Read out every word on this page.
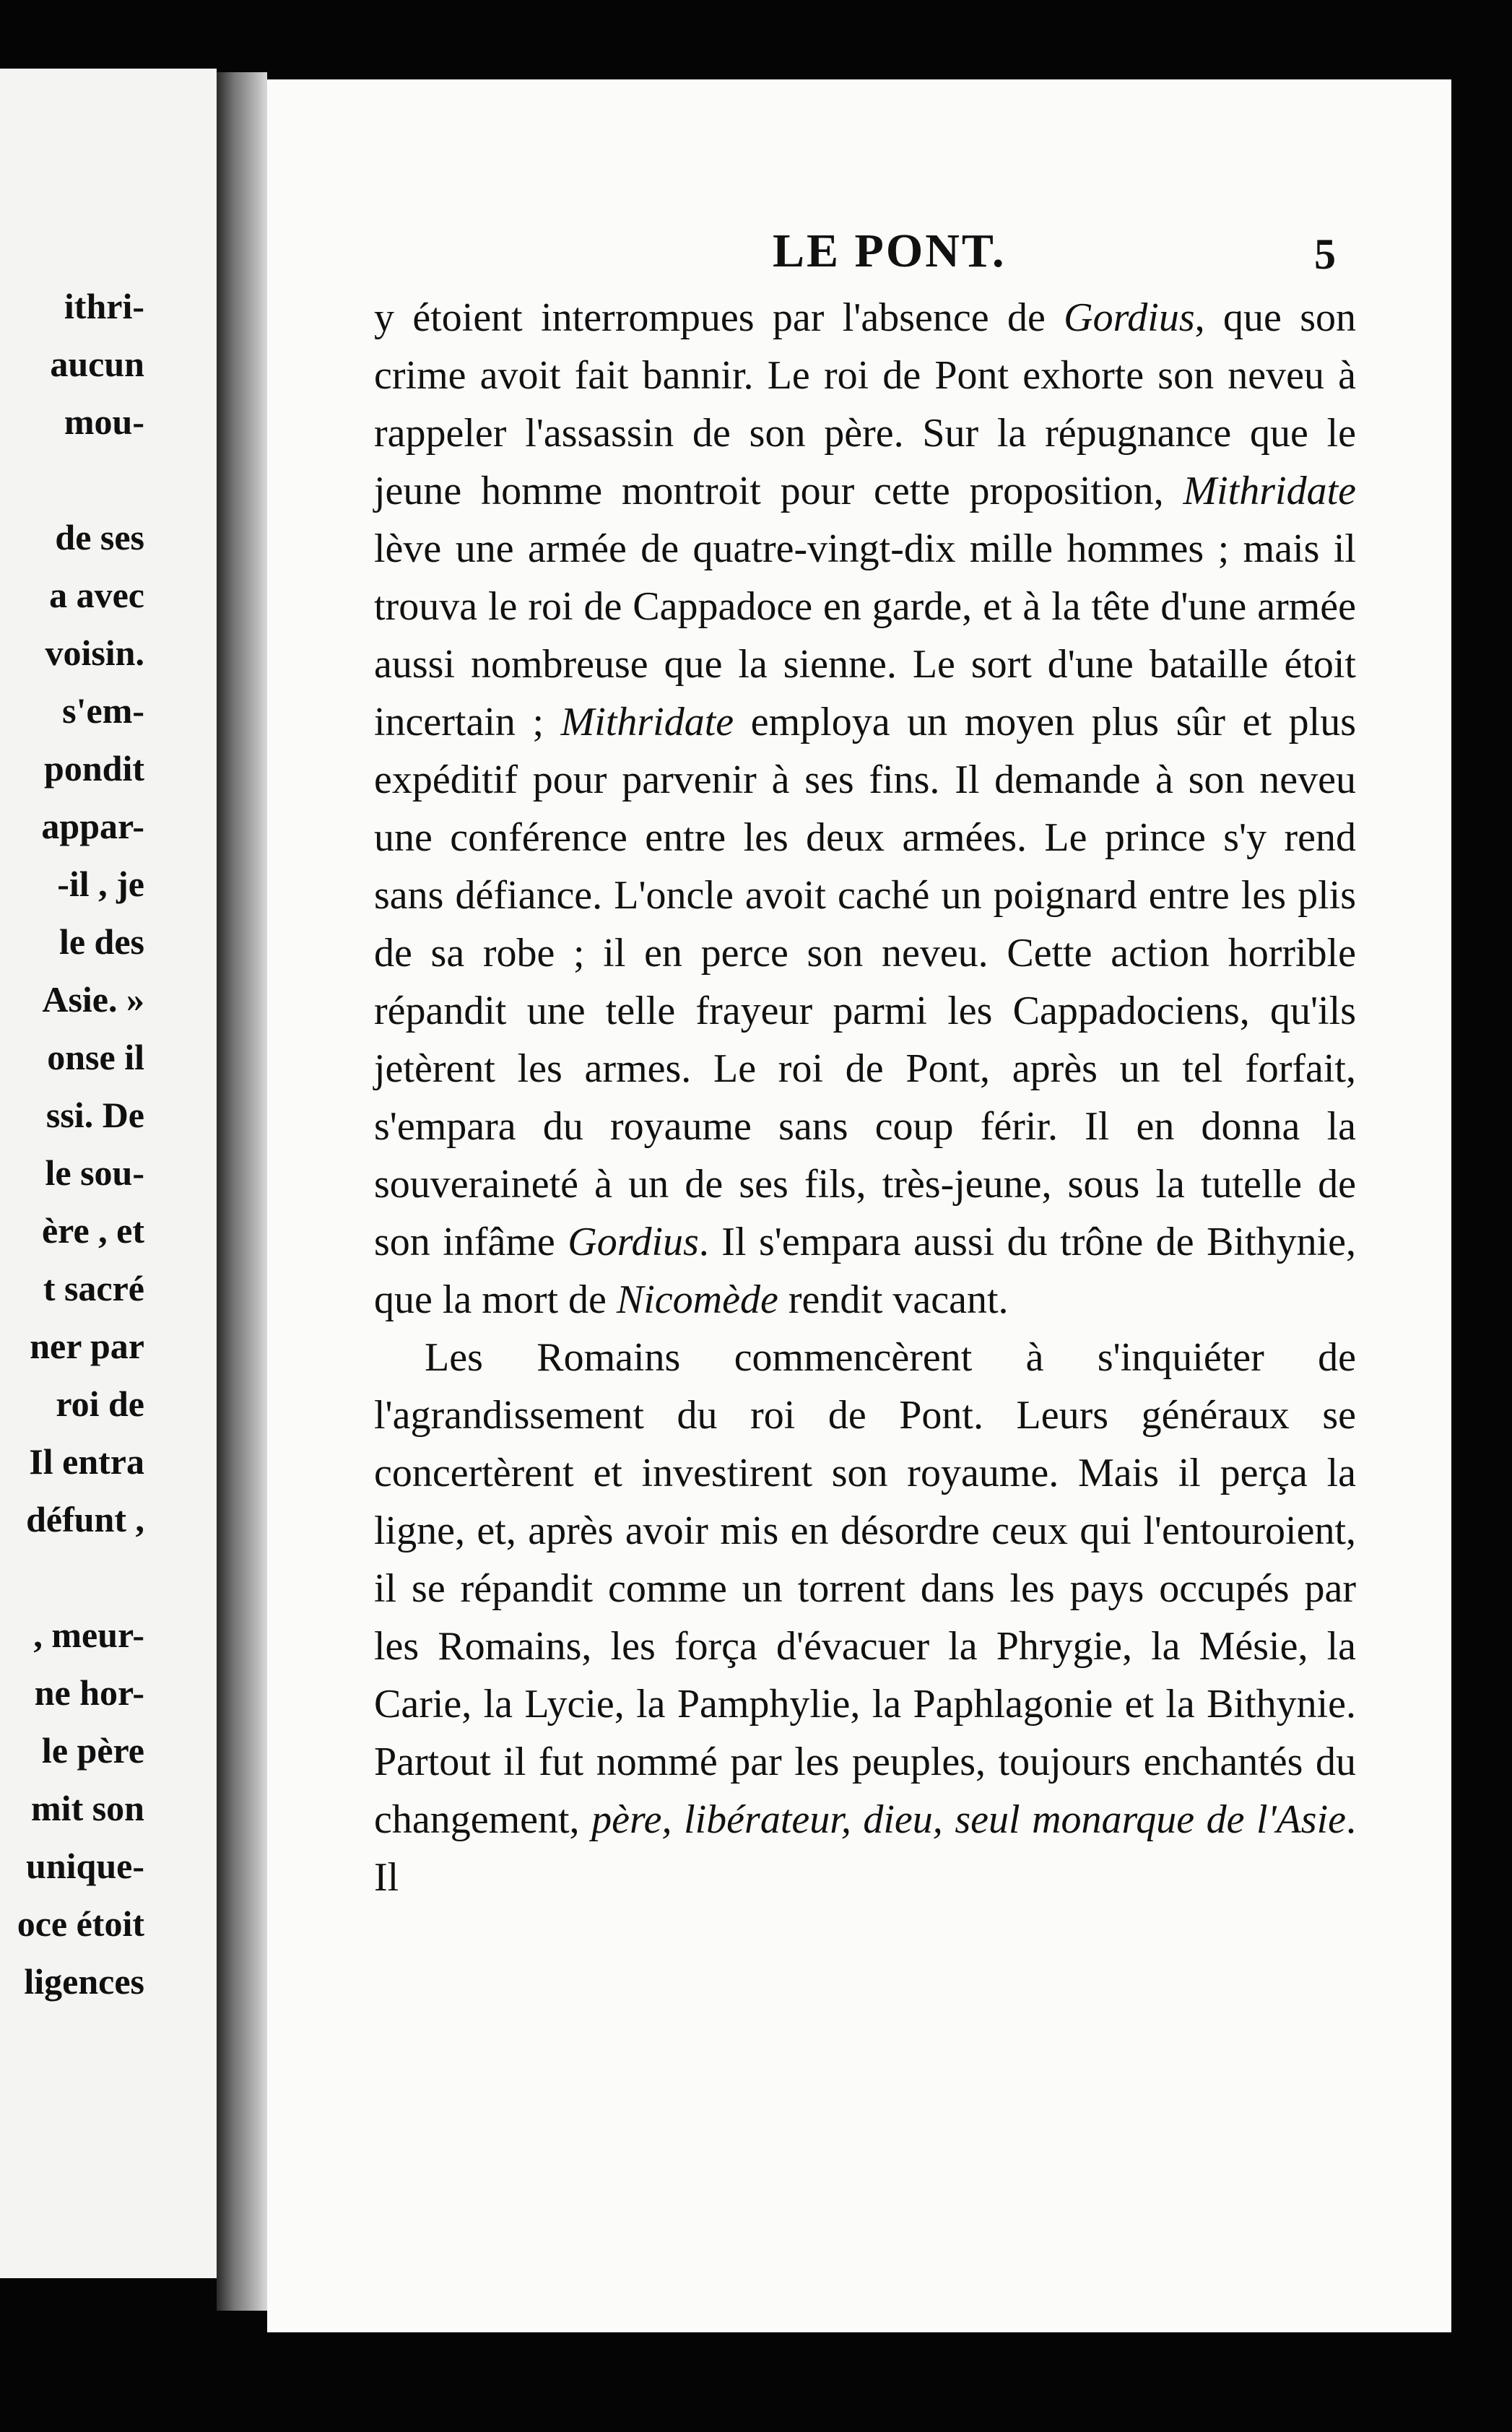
ithri-
aucun
mou-
de ses
a avec
voisin.
s'em-
pondit
appar-
-il , je
le des
Asie. »
onse il
ssi. De
le sou-
ère , et
t sacré
ner par
roi de
Il entra
défunt ,
, meur-
ne hor-
le père
mit son
unique-
oce étoit
ligences
LE PONT.	5

y étoient interrompues par l'absence de Gordius, que son crime avoit fait bannir. Le roi de Pont exhorte son neveu à rappeler l'assassin de son père. Sur la répugnance que le jeune homme montroit pour cette proposition, Mithridate lève une armée de quatre-vingt-dix mille hommes ; mais il trouva le roi de Cappadoce en garde, et à la tête d'une armée aussi nombreuse que la sienne. Le sort d'une bataille étoit incertain ; Mithridate employa un moyen plus sûr et plus expéditif pour parvenir à ses fins. Il demande à son neveu une conférence entre les deux armées. Le prince s'y rend sans défiance. L'oncle avoit caché un poignard entre les plis de sa robe ; il en perce son neveu. Cette action horrible répandit une telle frayeur parmi les Cappadociens, qu'ils jetèrent les armes. Le roi de Pont, après un tel forfait, s'empara du royaume sans coup férir. Il en donna la souveraineté à un de ses fils, très-jeune, sous la tutelle de son infâme Gordius. Il s'empara aussi du trône de Bithynie, que la mort de Nicomède rendit vacant.

Les Romains commencèrent à s'inquiéter de l'agrandissement du roi de Pont. Leurs généraux se concertèrent et investirent son royaume. Mais il perça la ligne, et, après avoir mis en désordre ceux qui l'entouroient, il se répandit comme un torrent dans les pays occupés par les Romains, les força d'évacuer la Phrygie, la Mésie, la Carie, la Lycie, la Pamphylie, la Paphlagonie et la Bithynie. Partout il fut nommé par les peuples, toujours enchantés du changement, père, libérateur, dieu, seul monarque de l'Asie. Il
